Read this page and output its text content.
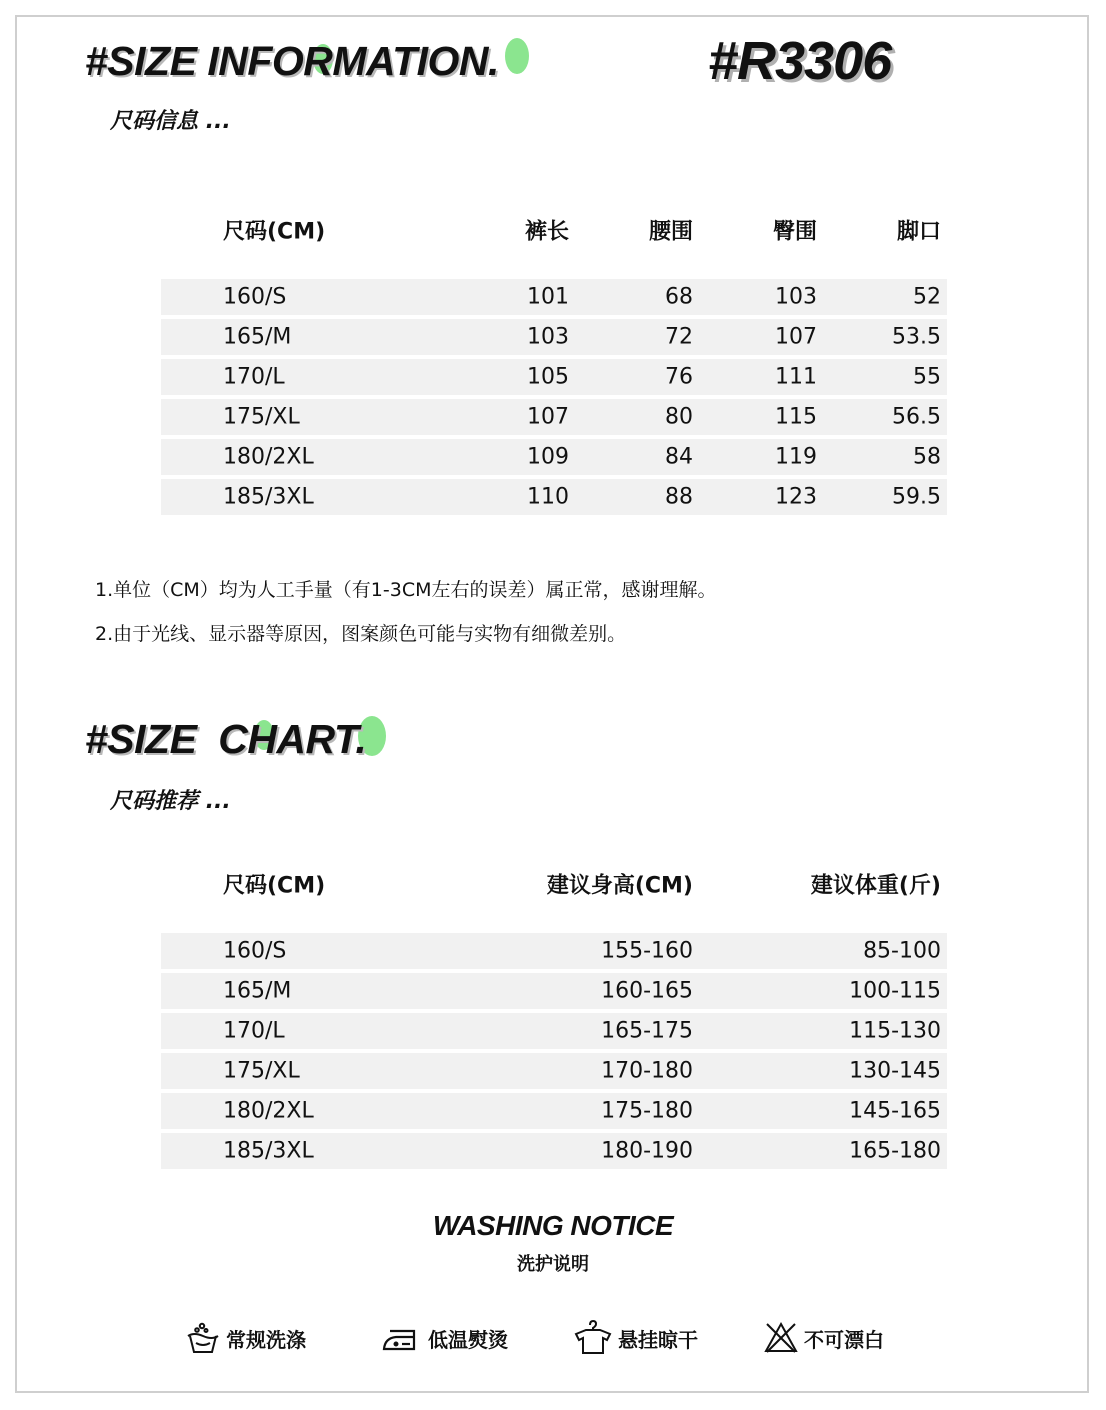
#SIZE INFORMATION.
尺码信息 ...
#R3306
尺码(CM)	裤长	腰围	臀围	脚口
160/S	101	68	103	52
165/M	103	72	107	53.5
170/L	105	76	111	55
175/XL	107	80	115	56.5
180/2XL	109	84	119	58
185/3XL	110	88	123	59.5
1.单位（CM）均为人工手量（有1-3CM左右的误差）属正常，感谢理解。
2.由于光线、显示器等原因，图案颜色可能与实物有细微差别。
#SIZE  CHART.
尺码推荐 ...
尺码(CM)	建议身高(CM)	建议体重(斤)
160/S	155-160	85-100
165/M	160-165	100-115
170/L	165-175	115-130
175/XL	170-180	130-145
180/2XL	175-180	145-165
185/3XL	180-190	165-180
WASHING NOTICE
洗护说明
常规洗涤	低温熨烫	悬挂晾干	不可漂白
